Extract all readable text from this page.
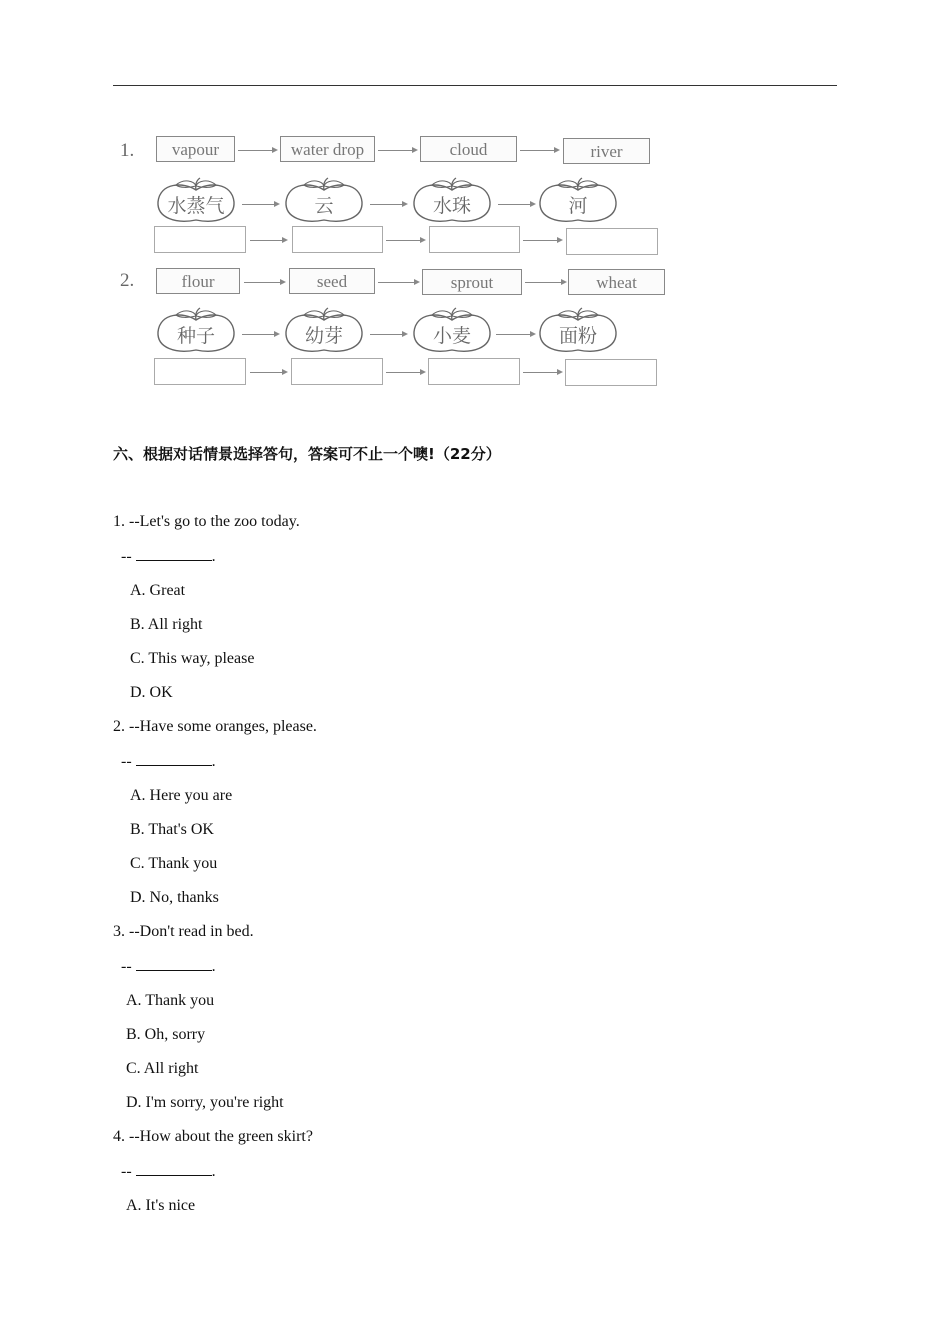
1.	vapour	water drop	cloud	river
水蒸气	云	水珠	河
2.	flour	seed	sprout	wheat
种子	幼芽	小麦	面粉
六、根据对话情景选择答句，答案可不止一个噢!（22分）
1. --Let's go to the zoo today.
--	.
A. Great
B. All right
C. This way, please
D. OK
2. --Have some oranges, please.
--	.
A. Here you are
B. That's OK
C. Thank you
D. No, thanks
3. --Don't read in bed.
--	.
A. Thank you
B. Oh, sorry
C. All right
D. I'm sorry, you're right
4. --How about the green skirt?
--	.
A. It's nice
